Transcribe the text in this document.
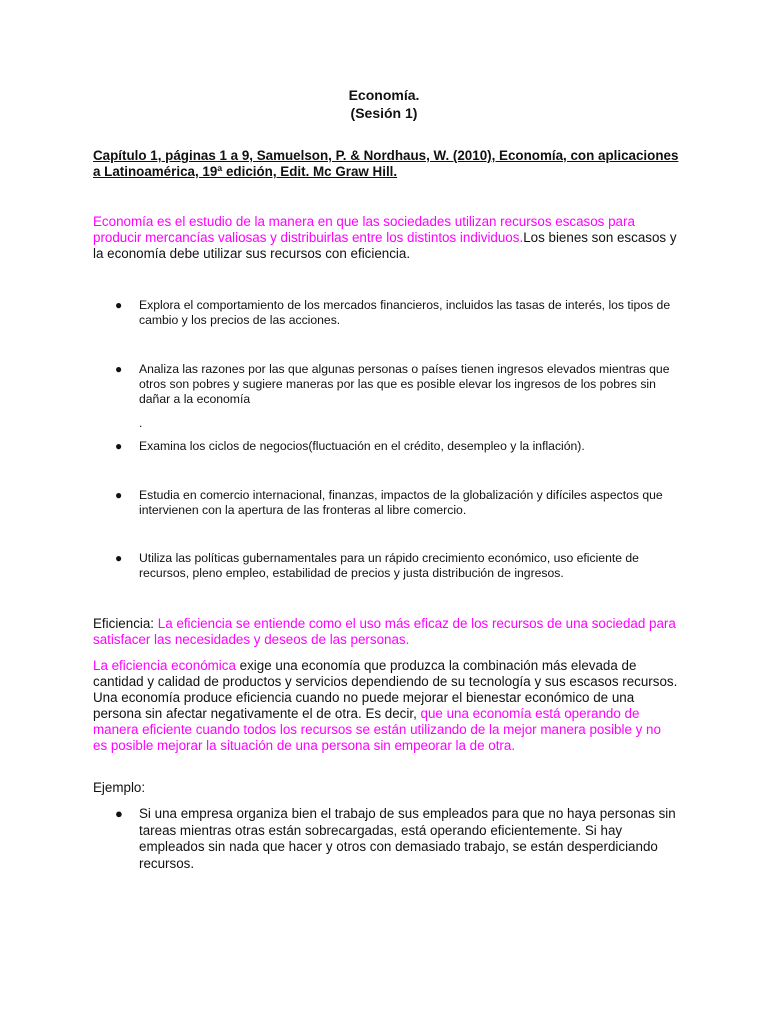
Economía.
(Sesión 1)
Capítulo 1, páginas 1 a 9, Samuelson, P. & Nordhaus, W. (2010), Economía, con aplicaciones a Latinoamérica, 19ª edición, Edit. Mc Graw Hill.
Economía es el estudio de la manera en que las sociedades utilizan recursos escasos para producir mercancías valiosas y distribuirlas entre los distintos individuos.Los bienes son escasos y la economía debe utilizar sus recursos con eficiencia.
● Explora el comportamiento de los mercados financieros, incluidos las tasas de interés, los tipos de cambio y los precios de las acciones.
● Analiza las razones por las que algunas personas o países tienen ingresos elevados mientras que otros son pobres y sugiere maneras por las que es posible elevar los ingresos de los pobres sin dañar a la economía
.
● Examina los ciclos de negocios(fluctuación en el crédito, desempleo y la inflación).
● Estudia en comercio internacional, finanzas, impactos de la globalización y difíciles aspectos que intervienen con la apertura de las fronteras al libre comercio.
● Utiliza las políticas gubernamentales para un rápido crecimiento económico, uso eficiente de recursos, pleno empleo, estabilidad de precios y justa distribución de ingresos.
Eficiencia: La eficiencia se entiende como el uso más eficaz de los recursos de una sociedad para satisfacer las necesidades y deseos de las personas.
La eficiencia económica exige una economía que produzca la combinación más elevada de cantidad y calidad de productos y servicios dependiendo de su tecnología y sus escasos recursos. Una economía produce eficiencia cuando no puede mejorar el bienestar económico de una persona sin afectar negativamente el de otra. Es decir, que una economía está operando de manera eficiente cuando todos los recursos se están utilizando de la mejor manera posible y no es posible mejorar la situación de una persona sin empeorar la de otra.
Ejemplo:
● Si una empresa organiza bien el trabajo de sus empleados para que no haya personas sin tareas mientras otras están sobrecargadas, está operando eficientemente. Si hay empleados sin nada que hacer y otros con demasiado trabajo, se están desperdiciando recursos.
